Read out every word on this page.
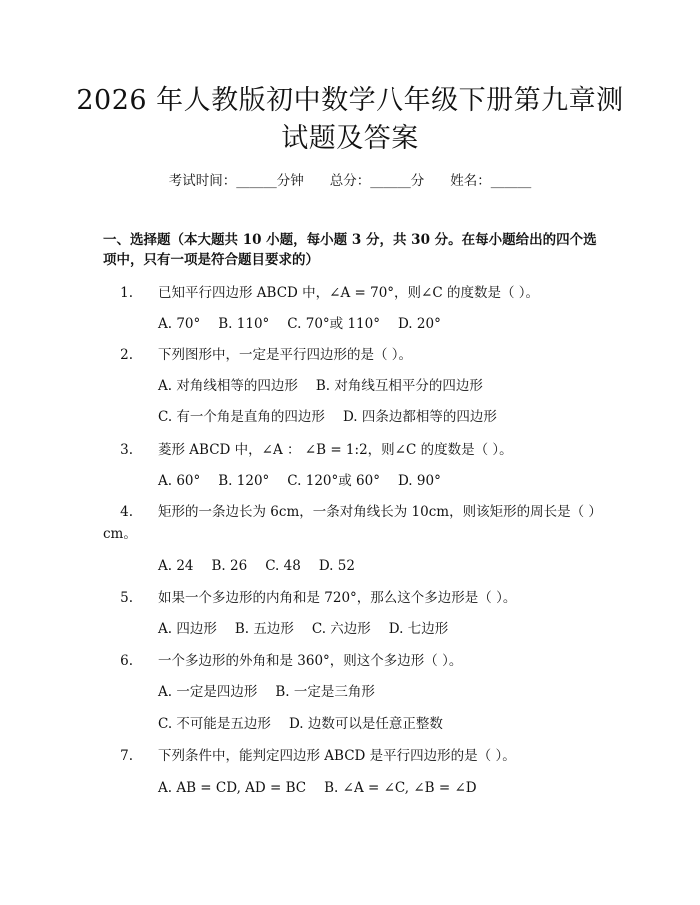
2026 年人教版初中数学八年级下册第九章测
试题及答案
考试时间：______分钟 总分：______分 姓名：______
一、选择题（本大题共 10 小题，每小题 3 分，共 30 分。在每小题给出的四个选
项中，只有一项是符合题目要求的）
1. 已知平行四边形 ABCD 中，∠A = 70°，则∠C 的度数是（ ）。
A. 70° B. 110° C. 70°或 110° D. 20°
2. 下列图形中，一定是平行四边形的是（ ）。
A. 对角线相等的四边形 B. 对角线互相平分的四边形
C. 有一个角是直角的四边形 D. 四条边都相等的四边形
3. 菱形 ABCD 中，∠A ： ∠B = 1:2，则∠C 的度数是（ ）。
A. 60° B. 120° C. 120°或 60° D. 90°
4. 矩形的一条边长为 6cm，一条对角线长为 10cm，则该矩形的周长是（ ）
cm。
A. 24 B. 26 C. 48 D. 52
5. 如果一个多边形的内角和是 720°，那么这个多边形是（ ）。
A. 四边形 B. 五边形 C. 六边形 D. 七边形
6. 一个多边形的外角和是 360°，则这个多边形（ ）。
A. 一定是四边形 B. 一定是三角形
C. 不可能是五边形 D. 边数可以是任意正整数
7. 下列条件中，能判定四边形 ABCD 是平行四边形的是（ ）。
A. AB = CD, AD = BC B. ∠A = ∠C, ∠B = ∠D
